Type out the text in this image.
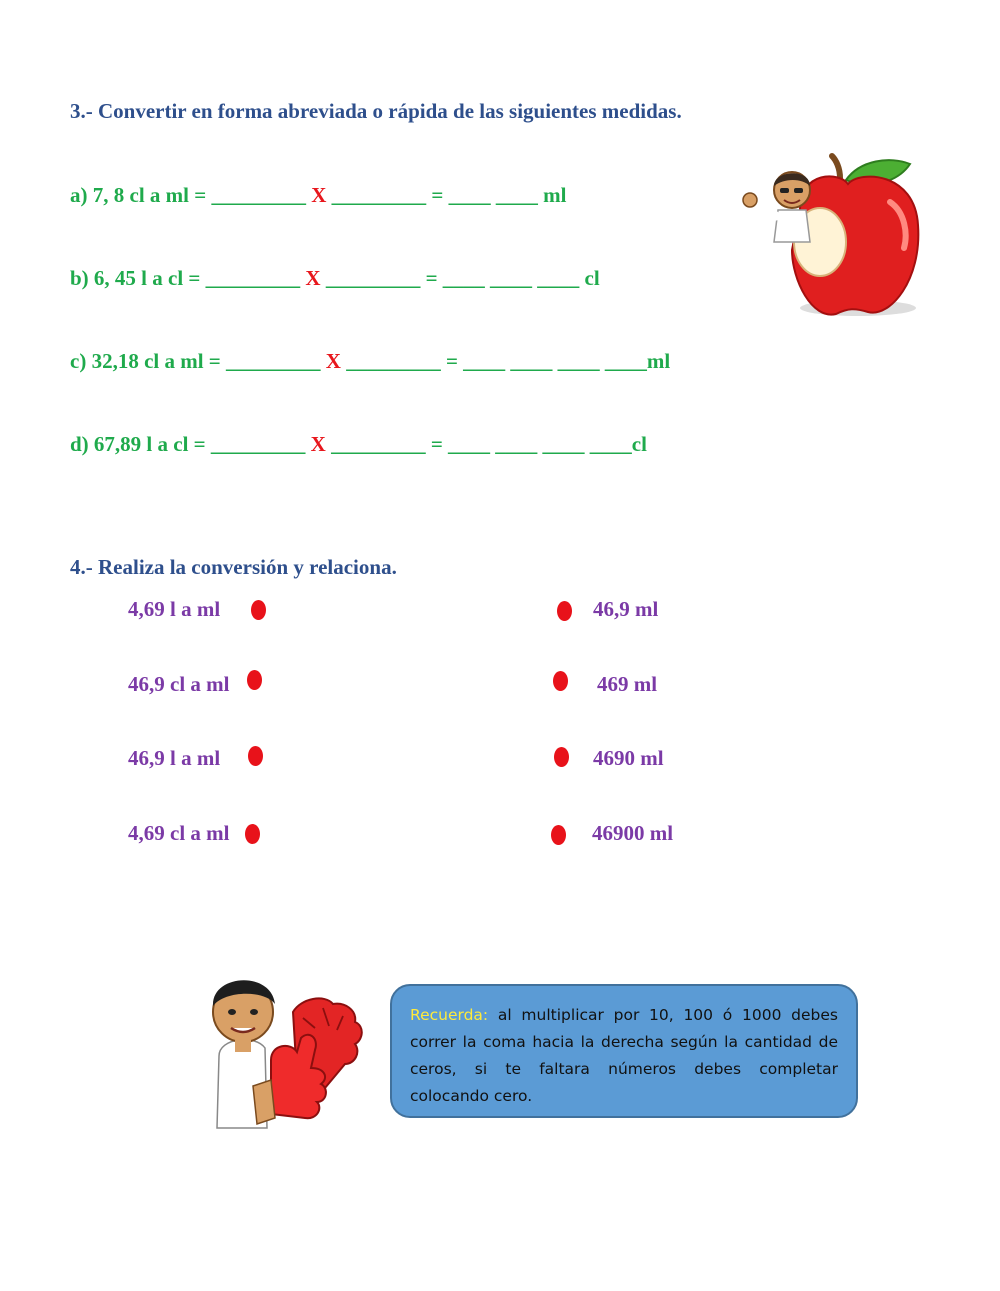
3.- Convertir en forma abreviada o rápida de las siguientes medidas.
a) 7, 8 cl a ml = _________ X _________ = ____ ____ ml
b) 6, 45 l a cl = _________ X _________ = ____ ____ ____ cl
c) 32,18 cl a ml = _________ X _________ = ____ ____ ____ ____ml
d) 67,89 l a cl = _________ X _________ = ____ ____ ____ ____cl
4.- Realiza la conversión y relaciona.
4,69 l a ml	46,9 ml
46,9 cl a ml	469 ml
46,9 l a ml	4690 ml
4,69 cl a ml	46900 ml
Recuerda: al multiplicar por 10, 100 ó 1000 debes correr la coma hacia la derecha según la cantidad de ceros, si te faltara números debes completar colocando cero.
